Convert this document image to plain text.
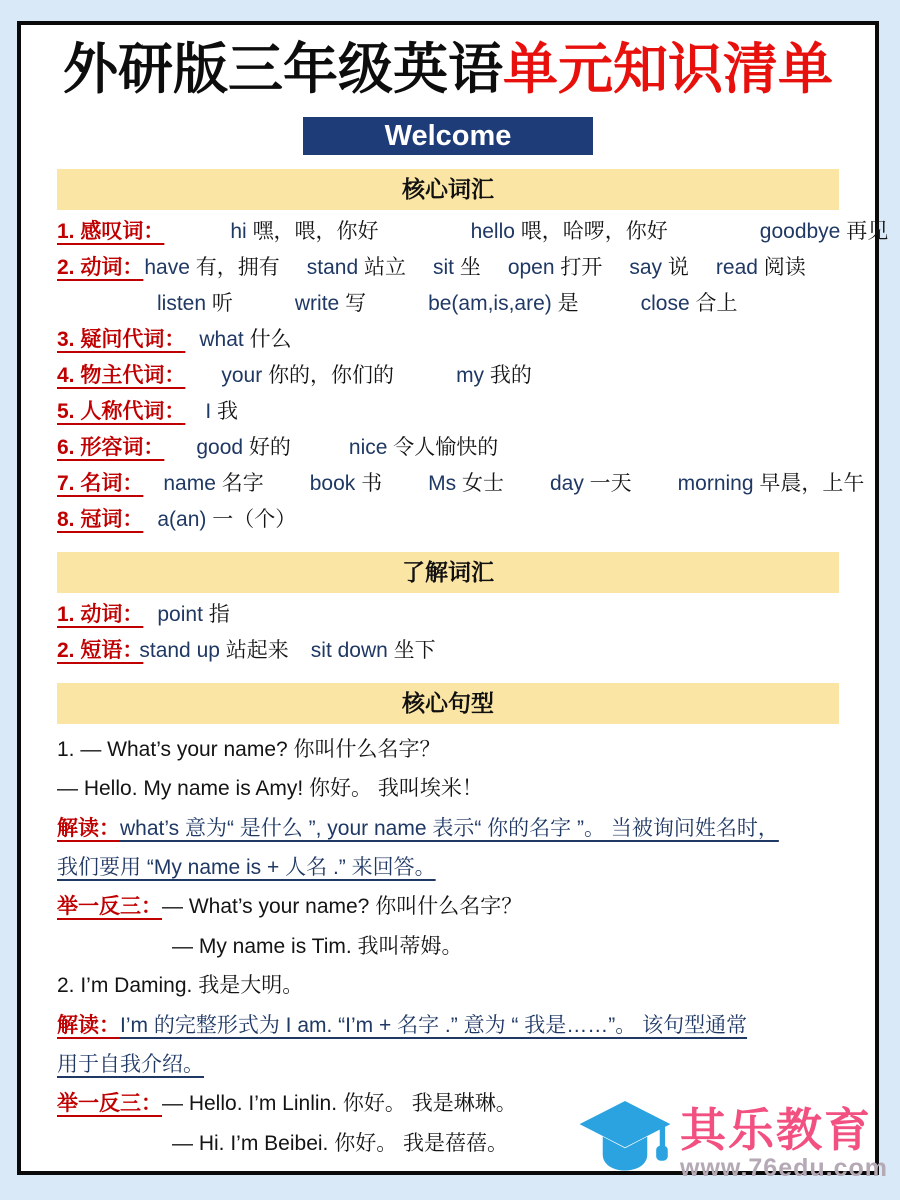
外研版三年级英语单元知识清单
Welcome
核心词汇
1. 感叹词：	hi 嘿，喂，你好	hello 喂，哈啰，你好	goodbye 再见
2. 动词： have 有，拥有 stand 站立 sit 坐 open 打开 say 说 read 阅读
listen 听	write 写	be(am,is,are) 是	close 合上
3. 疑问代词： what 什么
4. 物主代词： your 你的，你们的	my 我的
5. 人称代词： I 我
6. 形容词： good 好的	nice 令人愉快的
7. 名词： name 名字 book 书 Ms 女士 day 一天 morning 早晨，上午
8. 冠词： a(an) 一（个）
了解词汇
1. 动词： point 指
2. 短语：
stand up 站起来 sit down 坐下
核心句型
1. — What’s your name? 你叫什么名字？
— Hello. My name is Amy! 你好。 我叫埃米！
解读：what’s 意为“ 是什么 ”, your name 表示“ 你的名字 ”。 当被询问姓名时，
我们要用 “My name is + 人名 .” 来回答。
举一反三：— What’s your name? 你叫什么名字？
— My name is Tim. 我叫蒂姆。
2. I’m Daming. 我是大明。
解读：I’m 的完整形式为 I am. “I’m + 名字 .” 意为 “ 我是……”。 该句型通常
用于自我介绍。
举一反三：— Hello. I’m Linlin. 你好。 我是琳琳。
— Hi. I’m Beibei. 你好。 我是蓓蓓。	其乐教育
www.76edu.com
